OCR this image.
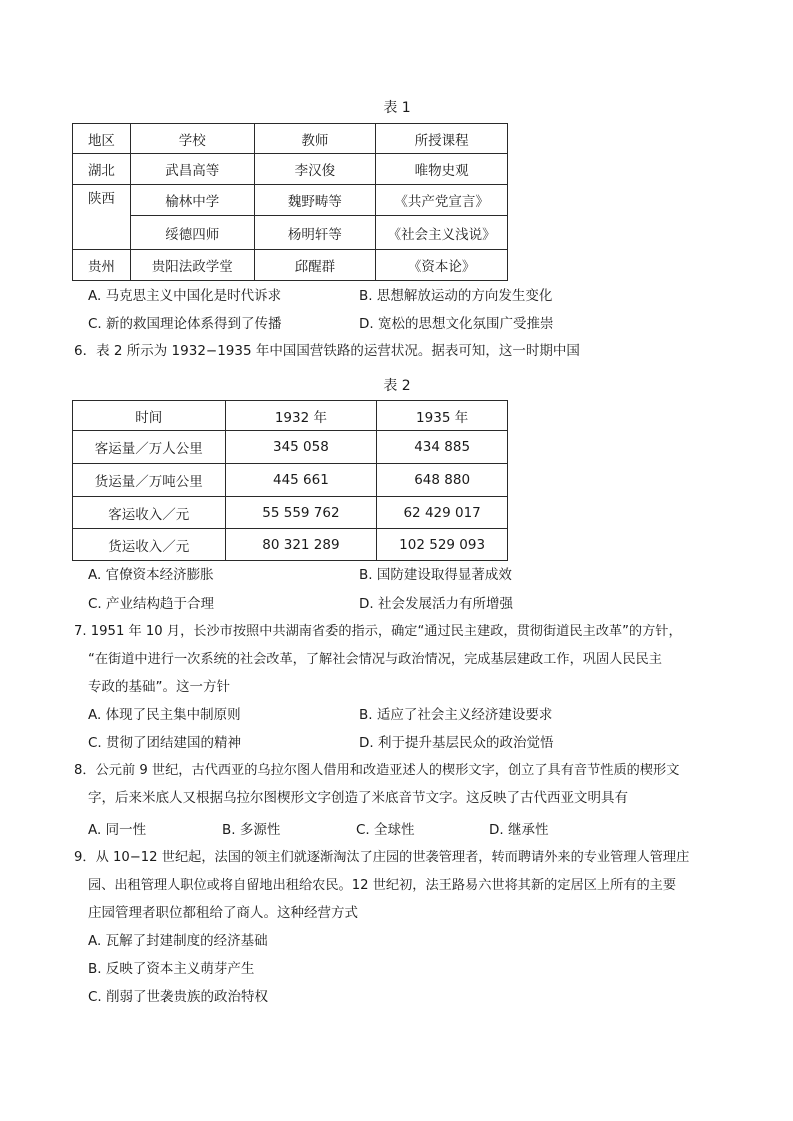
表 1
地区	学校	教师	所授课程
湖北	武昌高等	李汉俊	唯物史观
陕西	榆林中学	魏野畴等	《共产党宣言》
	绥德四师	杨明轩等	《社会主义浅说》
贵州	贵阳法政学堂	邱醒群	《资本论》
A. 马克思主义中国化是时代诉求	B. 思想解放运动的方向发生变化
C. 新的救国理论体系得到了传播	D. 宽松的思想文化氛围广受推崇
6．表 2 所示为 1932−1935 年中国国营铁路的运营状况。据表可知，这一时期中国
表 2
时间	1932 年	1935 年
客运量／万人公里	345 058	434 885
货运量／万吨公里	445 661	648 880
客运收入／元	55 559 762	62 429 017
货运收入／元	80 321 289	102 529 093
A. 官僚资本经济膨胀	B. 国防建设取得显著成效
C. 产业结构趋于合理	D. 社会发展活力有所增强
7. 1951 年 10 月，长沙市按照中共湖南省委的指示，确定“通过民主建政，贯彻街道民主改革”的方针，
“在街道中进行一次系统的社会改革，了解社会情况与政治情况，完成基层建政工作，巩固人民民主
专政的基础”。这一方针
A. 体现了民主集中制原则	B. 适应了社会主义经济建设要求
C. 贯彻了团结建国的精神	D. 利于提升基层民众的政治觉悟
8．公元前 9 世纪，古代西亚的乌拉尔图人借用和改造亚述人的楔形文字，创立了具有音节性质的楔形文
字，后来米底人又根据乌拉尔图楔形文字创造了米底音节文字。这反映了古代西亚文明具有
A. 同一性	B. 多源性	C. 全球性	D. 继承性
9．从 10−12 世纪起，法国的领主们就逐渐淘汰了庄园的世袭管理者，转而聘请外来的专业管理人管理庄
园、出租管理人职位或将自留地出租给农民。12 世纪初，法王路易六世将其新的定居区上所有的主要
庄园管理者职位都租给了商人。这种经营方式
A. 瓦解了封建制度的经济基础
B. 反映了资本主义萌芽产生
C. 削弱了世袭贵族的政治特权
